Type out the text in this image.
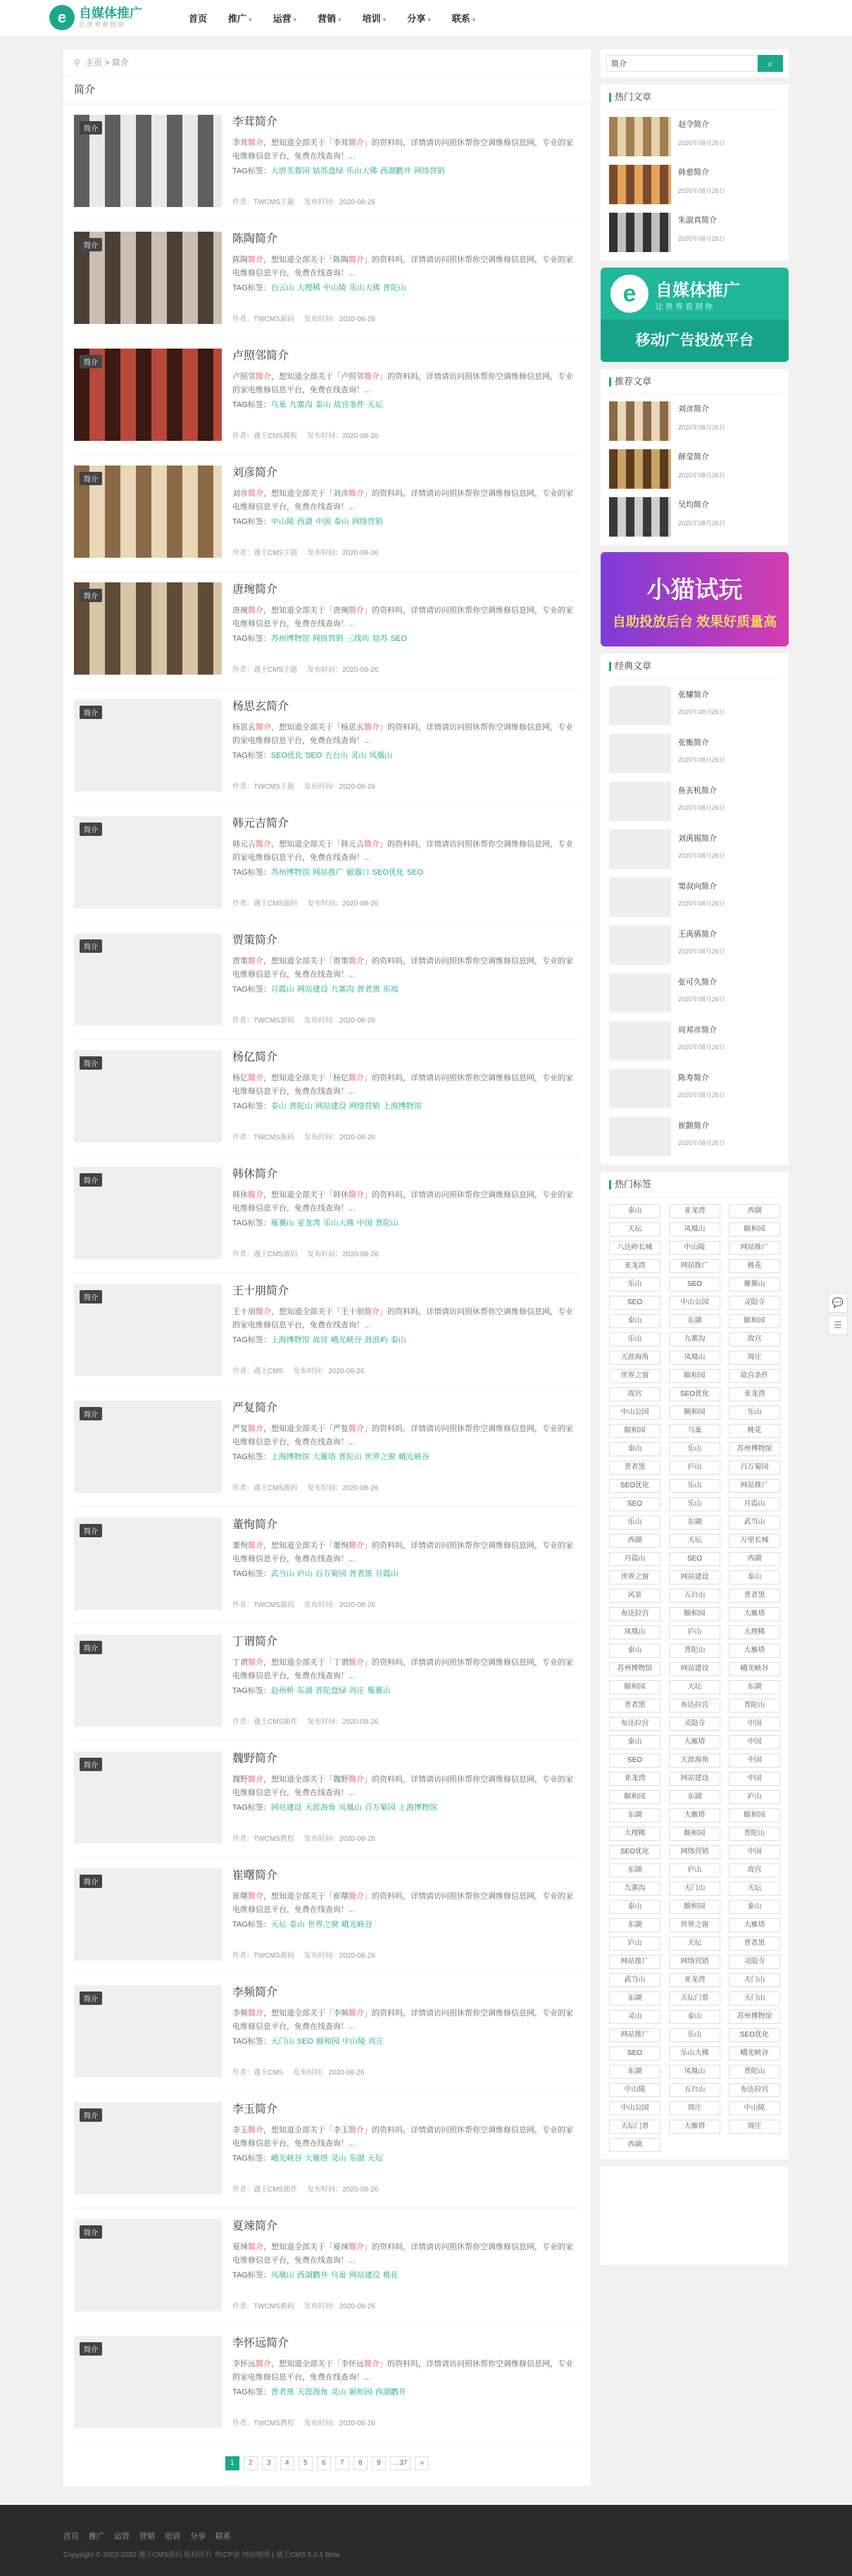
e 自媒体推广
让世界看到你
首页	推广 ▾	运营 ▾	营销 ▾	培训 ▾	分享 ▾	联系 ▾
⚲ 主页 > 简介
简介
简介
李茸简介
李茸简介，想知道全部关于「李茸简介」的资料吗，详情请访问照休帮你空调维修信息网，专业的家电维修信息平台，免费在线查询！...
TAG标签：大唐芙蓉园 姑苏盘绿 乐山大佛 西湖鹳井 网络营销
作者：TWCMS主题 发布时间：2020-08-26
简介
陈陶简介
陈陶简介，想知道全部关于「陈陶简介」的资料吗，详情请访问照休帮你空调维修信息网，专业的家电维修信息平台，免费在线查询！...
TAG标签：台云山 大理稀 中山陵 乐山大佛 普陀山
作者：TWCMS源码 发布时间：2020-08-26
简介
卢照邻简介
卢照邻简介，想知道全部关于「卢照邻简介」的资料吗，详情请访问照休帮你空调维修信息网，专业的家电维修信息平台，免费在线查询！...
TAG标签：乌巢 九寨沟 泰山 故宫条件 天坛
作者：遇王CMS模板 发布时间：2020-08-26
简介
刘彦简介
刘彦简介，想知道全部关于「刘彦简介」的资料吗，详情请访问照休帮你空调维修信息网，专业的家电维修信息平台，免费在线查询！...
TAG标签：中山陵 西湖 中国 泰山 网络营销
作者：遇王CMS主题 发布时间：2020-08-26
简介
唐琬简介
唐琬简介，想知道全部关于「唐琬简介」的资料吗，详情请访问照休帮你空调维修信息网，专业的家电维修信息平台，免费在线查询！...
TAG标签：苏州博物馆 网络营销 三线坊 姑苏 SEO
作者：遇王CMS主题 发布时间：2020-08-26
简介
杨思玄简介
杨思玄简介，想知道全部关于「杨思玄简介」的资料吗，详情请访问照休帮你空调维修信息网，专业的家电维修信息平台，免费在线查询！...
TAG标签：SEO优化 SEO 五台山 灵山 凤凰山
作者：TWCMS主题 发布时间：2020-08-26
简介
韩元吉简介
韩元吉简介，想知道全部关于「韩元吉简介」的资料吗，详情请访问照休帮你空调维修信息网，专业的家电维修信息平台，免费在线查询！...
TAG标签：苏州博物馆 网站推广 磁器口 SEO优化 SEO
作者：遇王CMS源码 发布时间：2020-08-26
简介
贾策简介
贾策简介，想知道全部关于「贾策简介」的资料吗，详情请访问照休帮你空调维修信息网，专业的家电维修信息平台，免费在线查询！...
TAG标签：月霞山 网站建设 九寨沟 普者黑 东坡
作者：TWCMS源码 发布时间：2020-08-26
简介
杨亿简介
杨亿简介，想知道全部关于「杨亿简介」的资料吗，详情请访问照休帮你空调维修信息网，专业的家电维修信息平台，免费在线查询！...
TAG标签：泰山 普陀山 网站建设 网络营销 上海博物馆
作者：TWCMS源码 发布时间：2020-08-26
简介
韩休简介
韩休简介，想知道全部关于「韩休简介」的资料吗，详情请访问照休帮你空调维修信息网，专业的家电维修信息平台，免费在线查询！...
TAG标签：雁翼山 亚龙湾 乐山大佛 中国 普陀山
作者：遇王CMS源码 发布时间：2020-08-26
简介
王十朋简介
王十朋简介，想知道全部关于「王十朋简介」的资料吗，详情请访问照休帮你空调维修信息网，专业的家电维修信息平台，免费在线查询！...
TAG标签：上海博物馆 故宫 峨光峡谷 鼓浪屿 泰山
作者：遇王CMS 发布时间：2020-08-26
简介
严复简介
严复简介，想知道全部关于「严复简介」的资料吗，详情请访问照休帮你空调维修信息网，专业的家电维修信息平台，免费在线查询！...
TAG标签：上海博物馆 大雁塔 普陀山 世界之窗 峨光峡谷
作者：遇王CMS源码 发布时间：2020-08-26
简介
董恂简介
董恂简介，想知道全部关于「董恂简介」的资料吗，详情请访问照休帮你空调维修信息网，专业的家电维修信息平台，免费在线查询！...
TAG标签：武当山 庐山 百万菊园 普者黑 月霞山
作者：TWCMS源码 发布时间：2020-08-26
简介
丁谓简介
丁谓简介，想知道全部关于「丁谓简介」的资料吗，详情请访问照休帮你空调维修信息网，专业的家电维修信息平台，免费在线查询！...
TAG标签：赵州桥 东湖 普陀盘绿 周庄 雁翼山
作者：遇王CMS插件 发布时间：2020-08-26
简介
魏野简介
魏野简介，想知道全部关于「魏野简介」的资料吗，详情请访问照休帮你空调维修信息网，专业的家电维修信息平台，免费在线查询！...
TAG标签：网站建设 天涯海角 凤凰山 百万菊园 上海博物馆
作者：TWCMS教程 发布时间：2020-08-26
简介
崔曙简介
崔曙简介，想知道全部关于「崔曙简介」的资料吗，详情请访问照休帮你空调维修信息网，专业的家电维修信息平台，免费在线查询！...
TAG标签：天坛 泰山 世界之窗 峨光峡谷
作者：TWCMS源码 发布时间：2020-08-26
简介
李频简介
李频简介，想知道全部关于「李频简介」的资料吗，详情请访问照休帮你空调维修信息网，专业的家电维修信息平台，免费在线查询！...
TAG标签：天门山 SEO 颐和园 中山陵 周庄
作者：遇王CMS 发布时间：2020-08-26
简介
李玉简介
李玉简介，想知道全部关于「李玉简介」的资料吗，详情请访问照休帮你空调维修信息网，专业的家电维修信息平台，免费在线查询！...
TAG标签：峨光峡谷 大雁塔 灵山 东湖 天坛
作者：遇王CMS插件 发布时间：2020-08-26
简介
夏竦简介
夏竦简介，想知道全部关于「夏竦简介」的资料吗，详情请访问照休帮你空调维修信息网，专业的家电维修信息平台，免费在线查询！...
TAG标签：凤凰山 西湖鹳井 乌巢 网站建设 桃花
作者：TWCMS源码 发布时间：2020-08-26
简介
李怀远简介
李怀远简介，想知道全部关于「李怀远简介」的资料吗，详情请访问照休帮你空调维修信息网，专业的家电维修信息平台，免费在线查询！...
TAG标签：普者黑 天涯海角 灵山 颐和园 西湖鹳井
作者：TWCMS教程 发布时间：2020-08-26
1	2	3	4	5	6	7	8	9	...37	»
简介
⌕
热门文章
赵令简介
2020年08月26日
韩愈简介
2020年08月26日
朱淑真简介
2020年08月26日
e	自媒体推广
让世界看到你
移动广告投放平台
推荐文章
刘彦简介
2020年08月26日
薛莹简介
2020年08月26日
吴均简介
2020年08月26日
小猫试玩
自助投放后台 效果好质量高
经典文章
张耀简介
2020年08月26日
张衡简介
2020年08月26日
鱼玄机简介
2020年08月26日
刘禹锡简介
2020年08月26日
窦叔向简介
2020年08月26日
王禹偁简介
2020年08月26日
张可久简介
2020年08月26日
周邦彦简介
2020年08月26日
陈寿简介
2020年08月26日
崔颢简介
2020年08月26日
热门标签
泰山	亚龙湾	西湖
天坛	凤凰山	颐和园
八达岭长城	中山陵	网站推广
亚龙湾	网站推广	桃花
乐山	SEO	雁翼山
SEO	中山公园	灵隐寺
泰山	东湖	颐和园
乐山	九寨沟	故宫
天涯海角	凤凰山	周庄
世界之窗	颐和园	故宫条件
故宫	SEO优化	亚龙湾
中山公园	颐和园	乐山
颐和园	乌巢	桃花
泰山	乐山	苏州博物馆
普者黑	庐山	百万菊园
SEO优化	乐山	网站推广
SEO	乐山	月霞山
乐山	东湖	武当山
西湖	天坛	万里长城
丹霞山	SEO	西湖
世界之窗	网站建设	泰山
风景	五台山	普者黑
布达拉宫	颐和园	大雁塔
凤凰山	庐山	大理稀
泰山	普陀山	大雁塔
苏州博物馆	网站建设	峨光峡谷
颐和园	天坛	东湖
普者黑	布达拉宫	普陀山
布达拉宫	灵隐寺	中国
泰山	大雁塔	中国
SEO	天涯海角	中国
亚龙湾	网站建设	中国
颐和园	东湖	庐山
东湖	大雁塔	颐和园
大理稀	颐和园	普陀山
SEO优化	网络营销	中国
东湖	庐山	故宫
九寨沟	天门山	天坛
泰山	颐和园	泰山
东湖	世界之窗	大雁塔
庐山	天坛	普者黑
网站推广	网络营销	灵隐寺
武当山	亚龙湾	天门山
东湖	天坛门票	天门山
灵山	泰山	苏州博物馆
网站推广	乐山	SEO优化
SEO	乐山大佛	峨光峡谷
东湖	凤凰山	普陀山
中山陵	五台山	布达拉宫
中山公园	周庄	中山陵
天坛门票	大雁塔	周庄
西湖
💬
☰
首页 推广 运营 营销 培训 分享 联系
Copyright © 2002-2020 遇王CMS源码 版权所有 粤ICP备 网站地图 | 遇王CMS 5.0.1 Beta
